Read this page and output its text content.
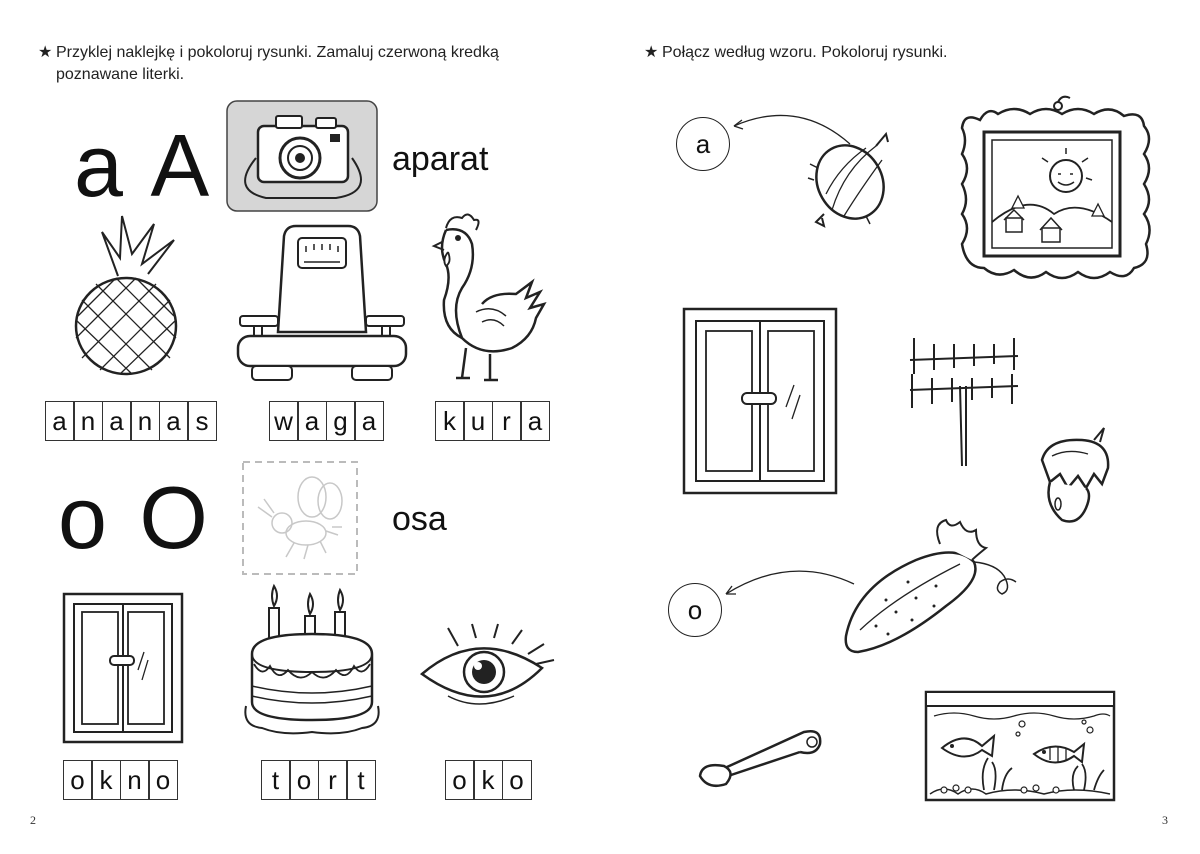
★ Przyklej naklejkę i pokoloruj rysunki. Zamaluj czerwoną kredką
poznawane literki.
a A	aparat
a n a n a s	w a g a	k u r a
o O	osa
o k n o	t o r t	o k o
2
★ Połącz według wzoru. Pokoloruj rysunki.
a
o
3
